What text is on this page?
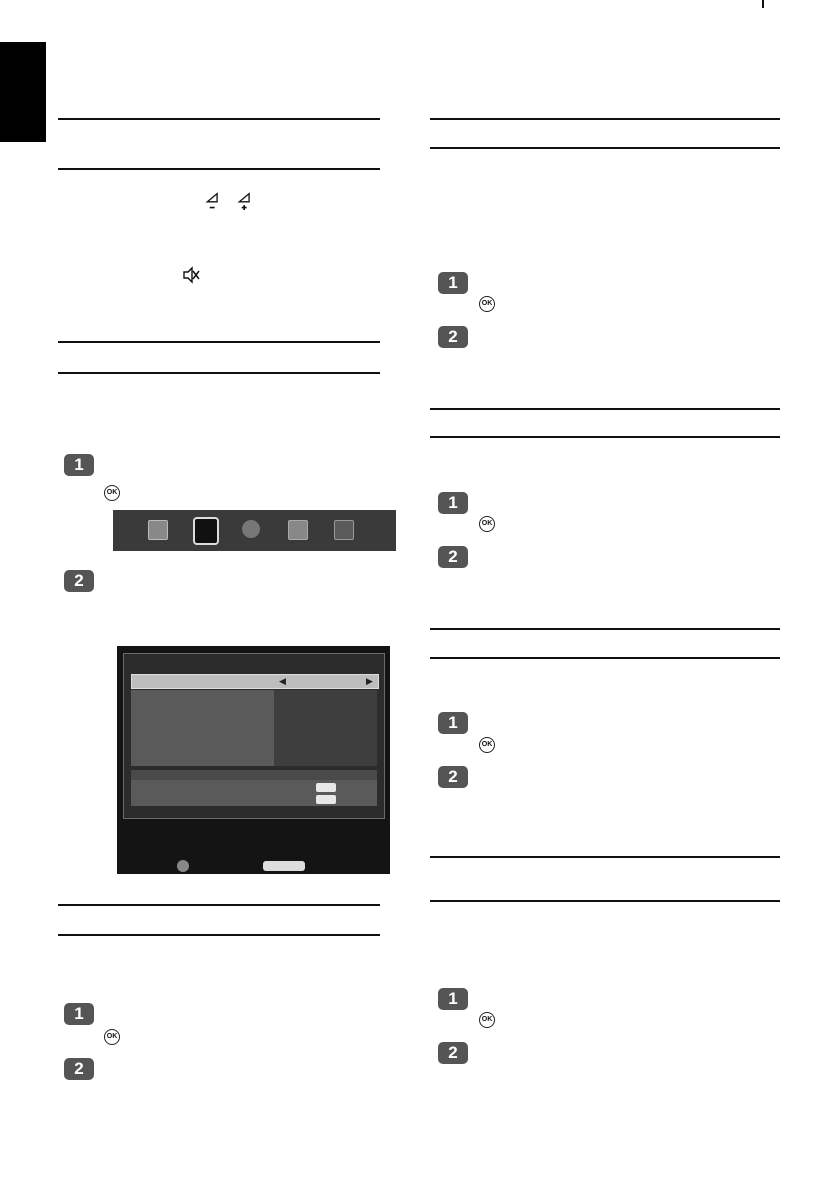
1
OK
2
◀	▶
1
OK
2
1
OK
2
1
OK
2
1
OK
2
1
OK
2
